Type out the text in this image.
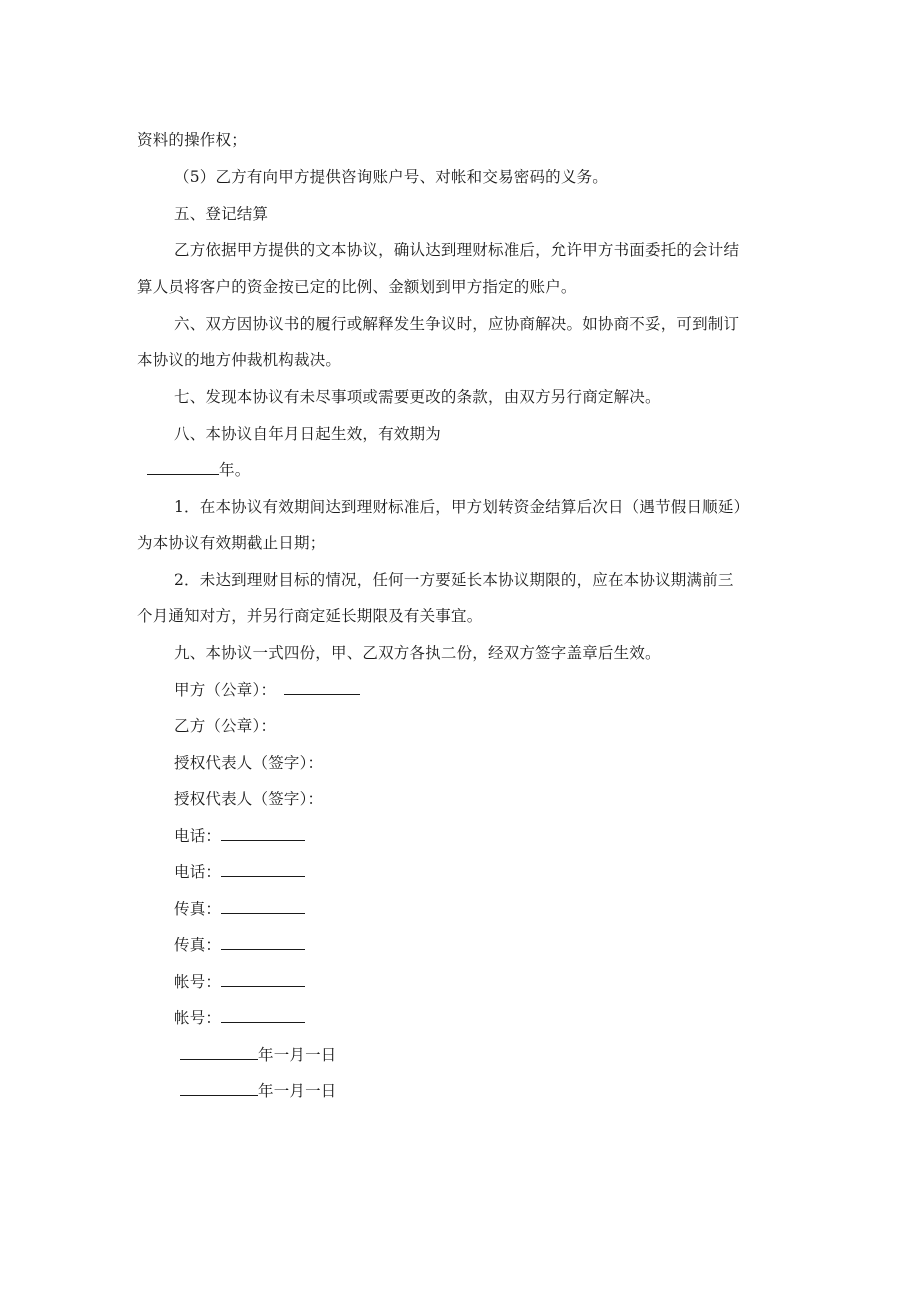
资料的操作权；
（5）乙方有向甲方提供咨询账户号、对帐和交易密码的义务。
五、登记结算
乙方依据甲方提供的文本协议，确认达到理财标准后，允许甲方书面委托的会计结
算人员将客户的资金按已定的比例、金额划到甲方指定的账户。
六、双方因协议书的履行或解释发生争议时，应协商解决。如协商不妥，可到制订
本协议的地方仲裁机构裁决。
七、发现本协议有未尽事项或需要更改的条款，由双方另行商定解决。
八、本协议自年月日起生效，有效期为
年。
1．在本协议有效期间达到理财标准后，甲方划转资金结算后次日（遇节假日顺延）
为本协议有效期截止日期；
2．未达到理财目标的情况，任何一方要延长本协议期限的，应在本协议期满前三
个月通知对方，并另行商定延长期限及有关事宜。
九、本协议一式四份，甲、乙双方各执二份，经双方签字盖章后生效。
甲方（公章）：
乙方（公章）：
授权代表人（签字）：
授权代表人（签字）：
电话：
电话：
传真：
传真：
帐号：
帐号：
年一月一日
年一月一日
